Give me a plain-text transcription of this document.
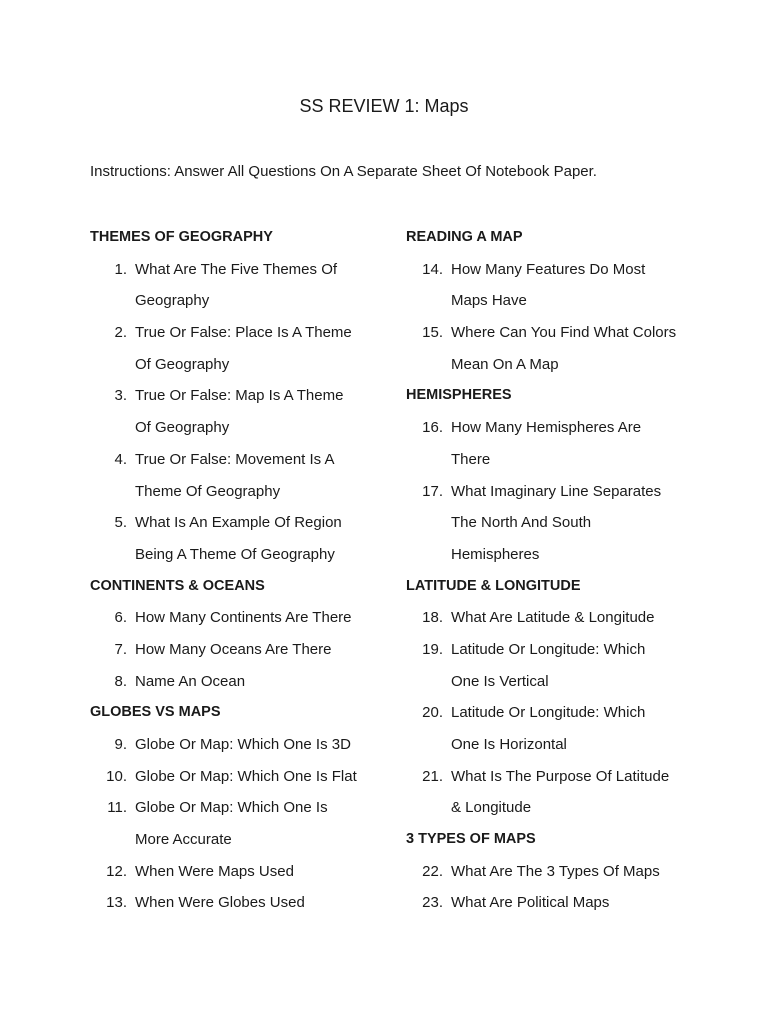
SS REVIEW 1: Maps
Instructions: Answer All Questions On A Separate Sheet Of Notebook Paper.
THEMES OF GEOGRAPHY
1. What Are The Five Themes Of
Geography
2. True Or False: Place Is A Theme
Of Geography
3. True Or False: Map Is A Theme
Of Geography
4. True Or False: Movement Is A
Theme Of Geography
5. What Is An Example Of Region
Being A Theme Of Geography
CONTINENTS & OCEANS
6. How Many Continents Are There
7. How Many Oceans Are There
8. Name An Ocean
GLOBES VS MAPS
9. Globe Or Map: Which One Is 3D
10. Globe Or Map: Which One Is Flat
11. Globe Or Map: Which One Is
More Accurate
12. When Were Maps Used
13. When Were Globes Used
READING A MAP
14. How Many Features Do Most
Maps Have
15. Where Can You Find What Colors
Mean On A Map
HEMISPHERES
16. How Many Hemispheres Are
There
17. What Imaginary Line Separates
The North And South
Hemispheres
LATITUDE & LONGITUDE
18. What Are Latitude & Longitude
19. Latitude Or Longitude: Which
One Is Vertical
20. Latitude Or Longitude: Which
One Is Horizontal
21. What Is The Purpose Of Latitude
& Longitude
3 TYPES OF MAPS
22. What Are The 3 Types Of Maps
23. What Are Political Maps
